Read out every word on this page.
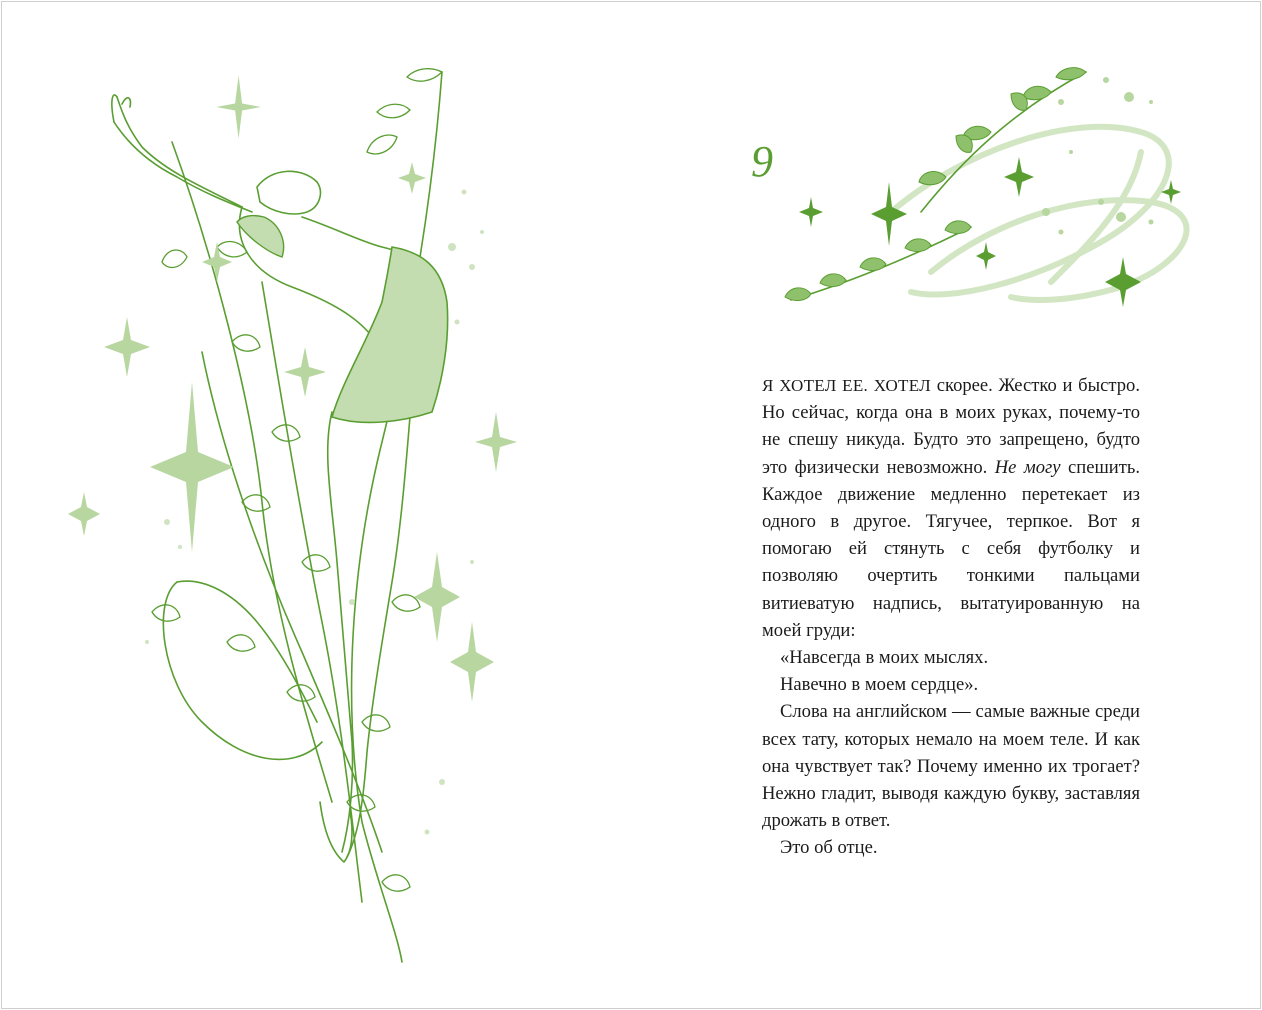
9

Я ХОТЕЛ ЕЕ. ХОТЕЛ скорее. Жестко и быстро. Но сейчас, когда она в моих руках, почему-то не спешу никуда. Будто это запрещено, будто это физически невозможно. Не могу спешить. Каждое движение медленно перетекает из одного в другое. Тягучее, терпкое. Вот я помогаю ей стянуть с себя футболку и позволяю очертить тонкими пальцами витиеватую надпись, вытатуированную на моей груди:

«Навсегда в моих мыслях.

Навечно в моем сердце».

Слова на английском — самые важные среди всех тату, которых немало на моем теле. И как она чувствует так? Почему именно их трогает? Нежно гладит, выводя каждую букву, заставляя дрожать в ответ.

Это об отце.
